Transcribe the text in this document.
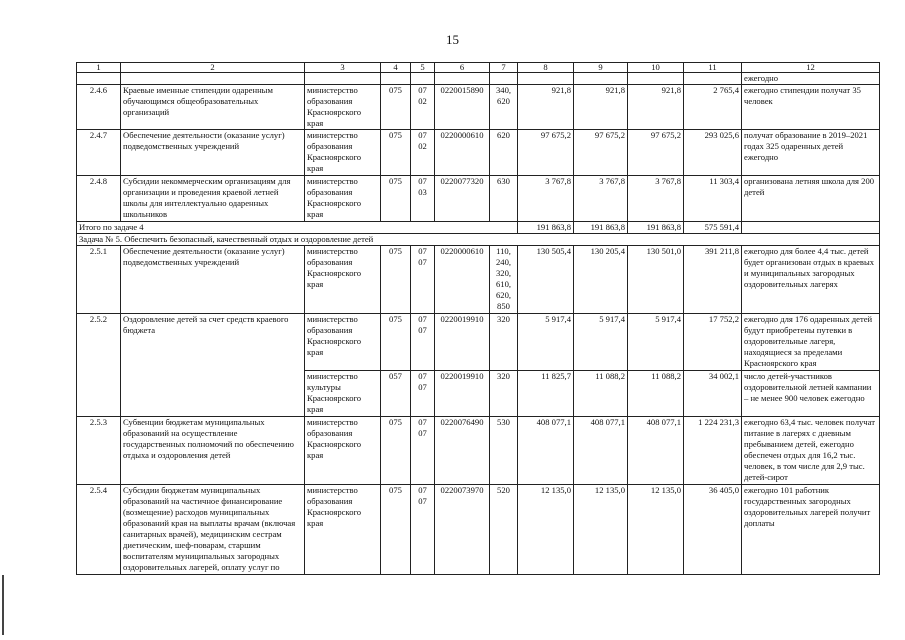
15
1	2	3	4	5	6	7	8	9	10	11	12
											ежегодно
2.4.6	Краевые именные стипендии одаренным обучающимся общеобразовательных организаций	министерство образования Красноярского края	075	07 02	0220015890	340, 620	921,8	921,8	921,8	2 765,4	ежегодно стипендии получат 35 человек
2.4.7	Обеспечение деятельности (оказание услуг) подведомственных учреждений	министерство образования Красноярского края	075	07 02	0220000610	620	97 675,2	97 675,2	97 675,2	293 025,6	получат образование в 2019–2021 годах 325 одаренных детей ежегодно
2.4.8	Субсидии некоммерческим организациям для организации и проведения краевой летней школы для интеллектуально одаренных школьников	министерство образования Красноярского края	075	07 03	0220077320	630	3 767,8	3 767,8	3 767,8	11 303,4	организована летняя школа для 200 детей
Итого по задаче 4							191 863,8	191 863,8	191 863,8	575 591,4	
Задача № 5. Обеспечить безопасный, качественный отдых и оздоровление детей											
2.5.1	Обеспечение деятельности (оказание услуг) подведомственных учреждений	министерство образования Красноярского края	075	07 07	0220000610	110, 240, 320, 610, 620, 850	130 505,4	130 205,4	130 501,0	391 211,8	ежегодно для более 4,4 тыс. детей будет организован отдых в краевых и муниципальных загородных оздоровительных лагерях
2.5.2	Оздоровление детей за счет средств краевого бюджета	министерство образования Красноярского края	075	07 07	0220019910	320	5 917,4	5 917,4	5 917,4	17 752,2	ежегодно для 176 одаренных детей будут приобретены путевки в оздоровительные лагеря, находящиеся за пределами Красноярского края
		министерство культуры Красноярского края	057	07 07	0220019910	320	11 825,7	11 088,2	11 088,2	34 002,1	число детей-участников оздоровительной летней кампании – не менее 900 человек ежегодно
2.5.3	Субвенции бюджетам муниципальных образований на осуществление государственных полномочий по обеспечению отдыха и оздоровления детей	министерство образования Красноярского края	075	07 07	0220076490	530	408 077,1	408 077,1	408 077,1	1 224 231,3	ежегодно 63,4 тыс. человек получат питание в лагерях с дневным пребыванием детей, ежегодно обеспечен отдых для 16,2 тыс. человек, в том числе для 2,9 тыс. детей-сирот
2.5.4	Субсидии бюджетам муниципальных образований на частичное финансирование (возмещение) расходов муниципальных образований края на выплаты врачам (включая санитарных врачей), медицинским сестрам диетическим, шеф-поварам, старшим воспитателям муниципальных загородных оздоровительных лагерей, оплату услуг по	министерство образования Красноярского края	075	07 07	0220073970	520	12 135,0	12 135,0	12 135,0	36 405,0	ежегодно 101 работник государственных загородных оздоровительных лагерей получит доплаты
